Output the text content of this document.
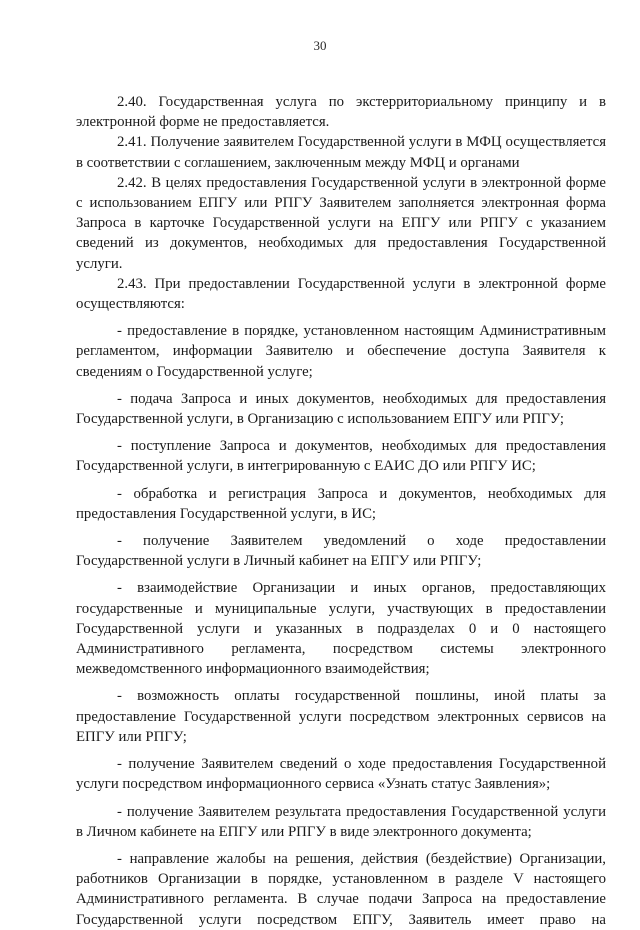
30

2.40. Государственная услуга по экстерриториальному принципу и в электронной форме не предоставляется.

2.41. Получение заявителем Государственной услуги в МФЦ осуществляется в соответствии с соглашением, заключенным между МФЦ и органами

2.42. В целях предоставления Государственной услуги в электронной форме с использованием ЕПГУ или РПГУ Заявителем заполняется электронная форма Запроса в карточке Государственной услуги на ЕПГУ или РПГУ с указанием сведений из документов, необходимых для предоставления Государственной услуги.

2.43. При предоставлении Государственной услуги в электронной форме осуществляются:

- предоставление в порядке, установленном настоящим Административным регламентом, информации Заявителю и обеспечение доступа Заявителя к сведениям о Государственной услуге;

- подача Запроса и иных документов, необходимых для предоставления Государственной услуги, в Организацию с использованием ЕПГУ или РПГУ;

- поступление Запроса и документов, необходимых для предоставления Государственной услуги, в интегрированную с ЕАИС ДО или РПГУ ИС;

- обработка и регистрация Запроса и документов, необходимых для предоставления Государственной услуги, в ИС;

- получение Заявителем уведомлений о ходе предоставлении Государственной услуги в Личный кабинет на ЕПГУ или РПГУ;

- взаимодействие Организации и иных органов, предоставляющих государственные и муниципальные услуги, участвующих в предоставлении Государственной услуги и указанных в подразделах 0 и 0 настоящего Административного регламента, посредством системы электронного межведомственного информационного взаимодействия;

- возможность оплаты государственной пошлины, иной платы за предоставление Государственной услуги посредством электронных сервисов на ЕПГУ или РПГУ;

- получение Заявителем сведений о ходе предоставления Государственной услуги посредством информационного сервиса «Узнать статус Заявления»;

- получение Заявителем результата предоставления Государственной услуги в Личном кабинете на ЕПГУ или РПГУ в виде электронного документа;

- направление жалобы на решения, действия (бездействие) Организации, работников Организации в порядке, установленном в разделе V настоящего Административного регламента. В случае подачи Запроса на предоставление Государственной услуги посредством ЕПГУ, Заявитель имеет право на
